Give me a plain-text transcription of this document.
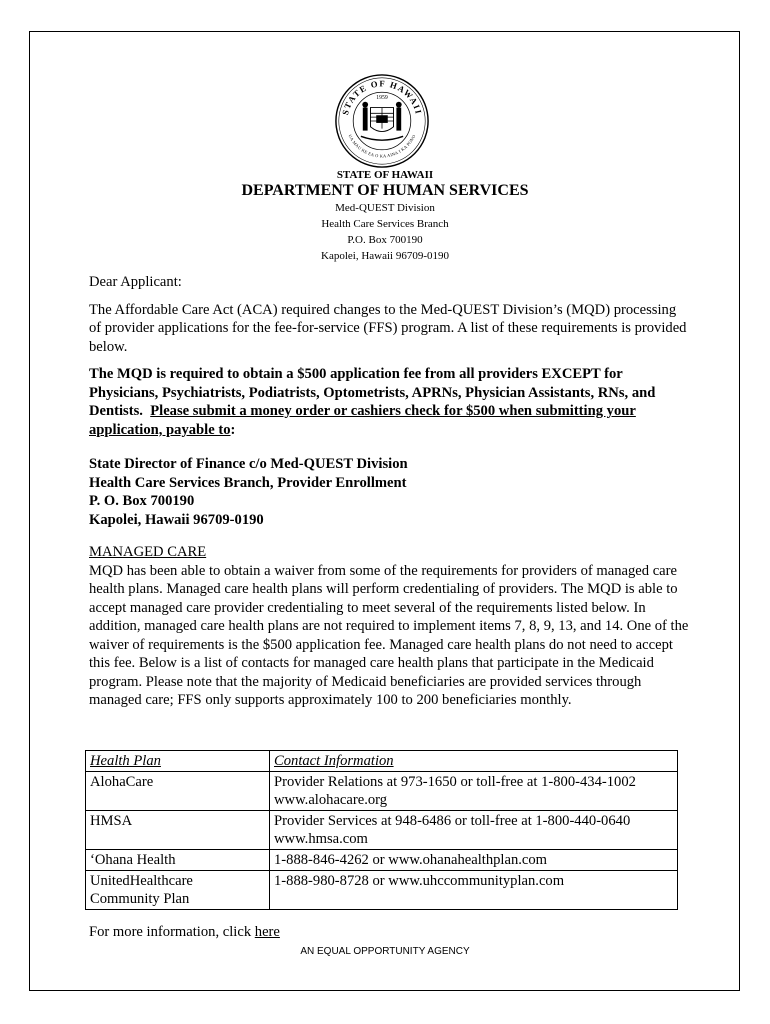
STATE OF HAWAII
1959
UA MAU KE EA O KA AINA I KA PONO
STATE OF HAWAII
DEPARTMENT OF HUMAN SERVICES
Med-QUEST Division
Health Care Services Branch
P.O. Box 700190
Kapolei, Hawaii 96709-0190

Dear Applicant:

The Affordable Care Act (ACA) required changes to the Med-QUEST Division’s (MQD) processing of provider applications for the fee-for-service (FFS) program. A list of these requirements is provided below.

The MQD is required to obtain a $500 application fee from all providers EXCEPT for Physicians, Psychiatrists, Podiatrists, Optometrists, APRNs, Physician Assistants, RNs, and Dentists. Please submit a money order or cashiers check for $500 when submitting your application, payable to:

State Director of Finance c/o Med-QUEST Division
Health Care Services Branch, Provider Enrollment
P. O. Box 700190
Kapolei, Hawaii 96709-0190

MANAGED CARE

MQD has been able to obtain a waiver from some of the requirements for providers of managed care health plans. Managed care health plans will perform credentialing of providers. The MQD is able to accept managed care provider credentialing to meet several of the requirements listed below. In addition, managed care health plans are not required to implement items 7, 8, 9, 13, and 14. One of the waiver of requirements is the $500 application fee. Managed care health plans do not need to accept this fee. Below is a list of contacts for managed care health plans that participate in the Medicaid program. Please note that the majority of Medicaid beneficiaries are provided services through managed care; FFS only supports approximately 100 to 200 beneficiaries monthly.

Health Plan	Contact Information
AlohaCare	Provider Relations at 973-1650 or toll-free at 1-800-434-1002
www.alohacare.org

HMSA	Provider Services at 948-6486 or toll-free at 1-800-440-0640
www.hmsa.com

‘Ohana Health	1-888-846-4262 or www.ohanahealthplan.com

UnitedHealthcare
Community Plan	1-888-980-8728 or www.uhccommunityplan.com
For more information, click here
AN EQUAL OPPORTUNITY AGENCY
